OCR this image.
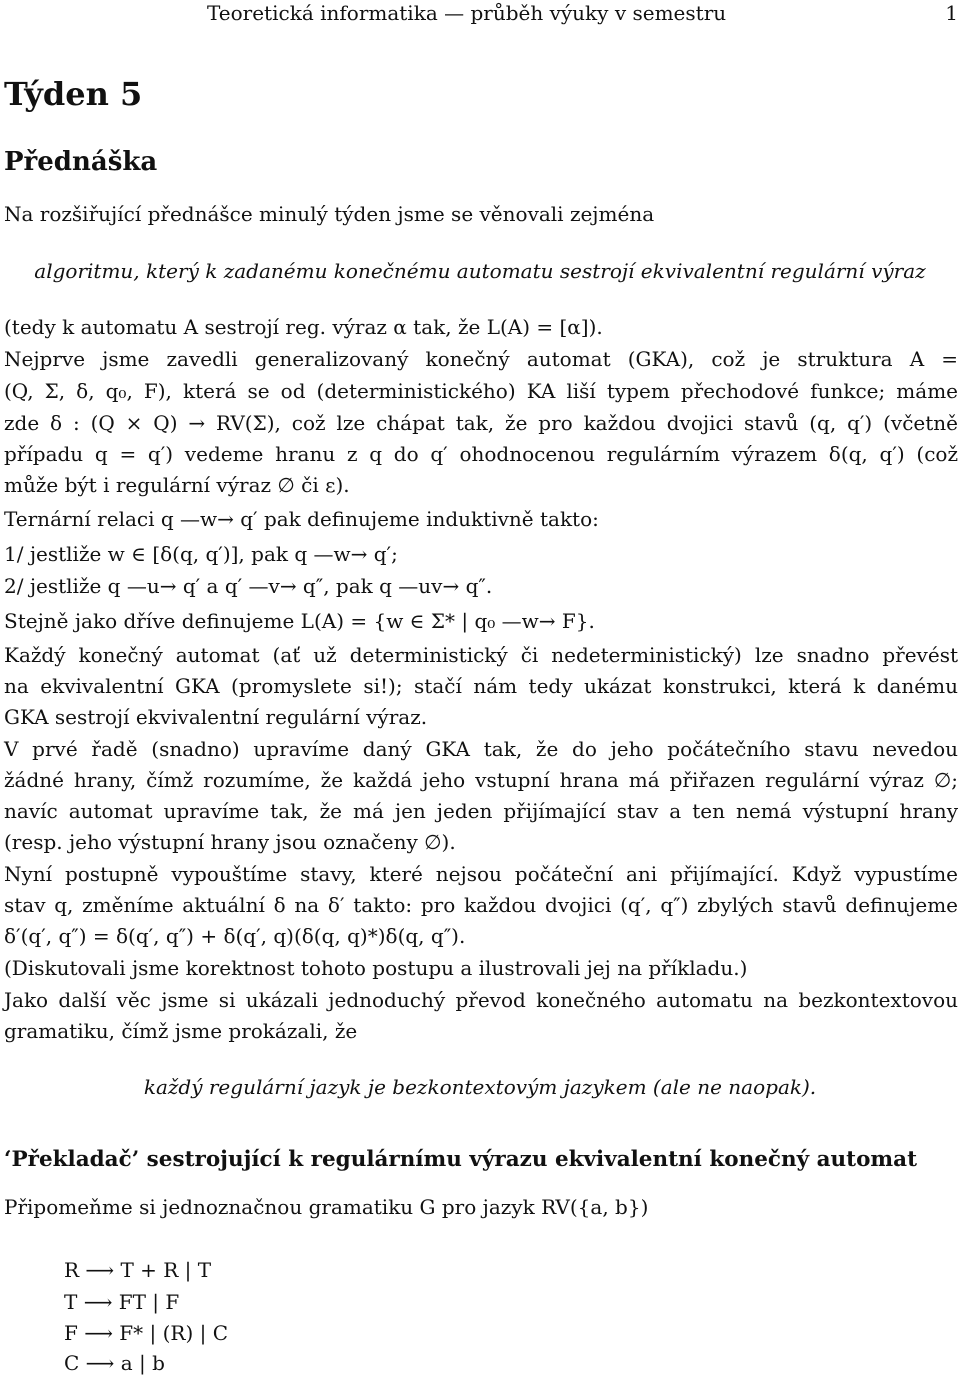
Teoretická informatika — průběh výuky v semestru	1
Týden 5
Přednáška
Na rozšiřující přednášce minulý týden jsme se věnovali zejména
algoritmu, který k zadanému konečnému automatu sestrojí ekvivalentní regulární výraz
(tedy k automatu A sestrojí reg. výraz α tak, že L(A) = [α]).
Nejprve jsme zavedli generalizovaný konečný automat (GKA), což je struktura A =
(Q, Σ, δ, q₀, F), která se od (deterministického) KA liší typem přechodové funkce; máme
zde δ : (Q × Q) → RV(Σ), což lze chápat tak, že pro každou dvojici stavů (q, q′) (včetně
případu q = q′) vedeme hranu z q do q′ ohodnocenou regulárním výrazem δ(q, q′) (což
může být i regulární výraz ∅ či ε).
Ternární relaci q —w→ q′ pak definujeme induktivně takto:
1/ jestliže w ∈ [δ(q, q′)], pak q —w→ q′;
2/ jestliže q —u→ q′ a q′ —v→ q″, pak q —uv→ q″.
Stejně jako dříve definujeme L(A) = {w ∈ Σ* | q₀ —w→ F}.
Každý konečný automat (ať už deterministický či nedeterministický) lze snadno převést
na ekvivalentní GKA (promyslete si!); stačí nám tedy ukázat konstrukci, která k danému
GKA sestrojí ekvivalentní regulární výraz.
V prvé řadě (snadno) upravíme daný GKA tak, že do jeho počátečního stavu nevedou
žádné hrany, čímž rozumíme, že každá jeho vstupní hrana má přiřazen regulární výraz ∅;
navíc automat upravíme tak, že má jen jeden přijímající stav a ten nemá výstupní hrany
(resp. jeho výstupní hrany jsou označeny ∅).
Nyní postupně vypouštíme stavy, které nejsou počáteční ani přijímající. Když vypustíme
stav q, změníme aktuální δ na δ′ takto: pro každou dvojici (q′, q″) zbylých stavů definujeme
δ′(q′, q″) = δ(q′, q″) + δ(q′, q)(δ(q, q)*)δ(q, q″).
(Diskutovali jsme korektnost tohoto postupu a ilustrovali jej na příkladu.)
Jako další věc jsme si ukázali jednoduchý převod konečného automatu na bezkontextovou
gramatiku, čímž jsme prokázali, že
každý regulární jazyk je bezkontextovým jazykem (ale ne naopak).
‘Překladač’ sestrojující k regulárnímu výrazu ekvivalentní konečný automat
Připomeňme si jednoznačnou gramatiku G pro jazyk RV({a, b})
R ⟶ T + R | T
T ⟶ FT | F
F ⟶ F* | (R) | C
C ⟶ a | b
